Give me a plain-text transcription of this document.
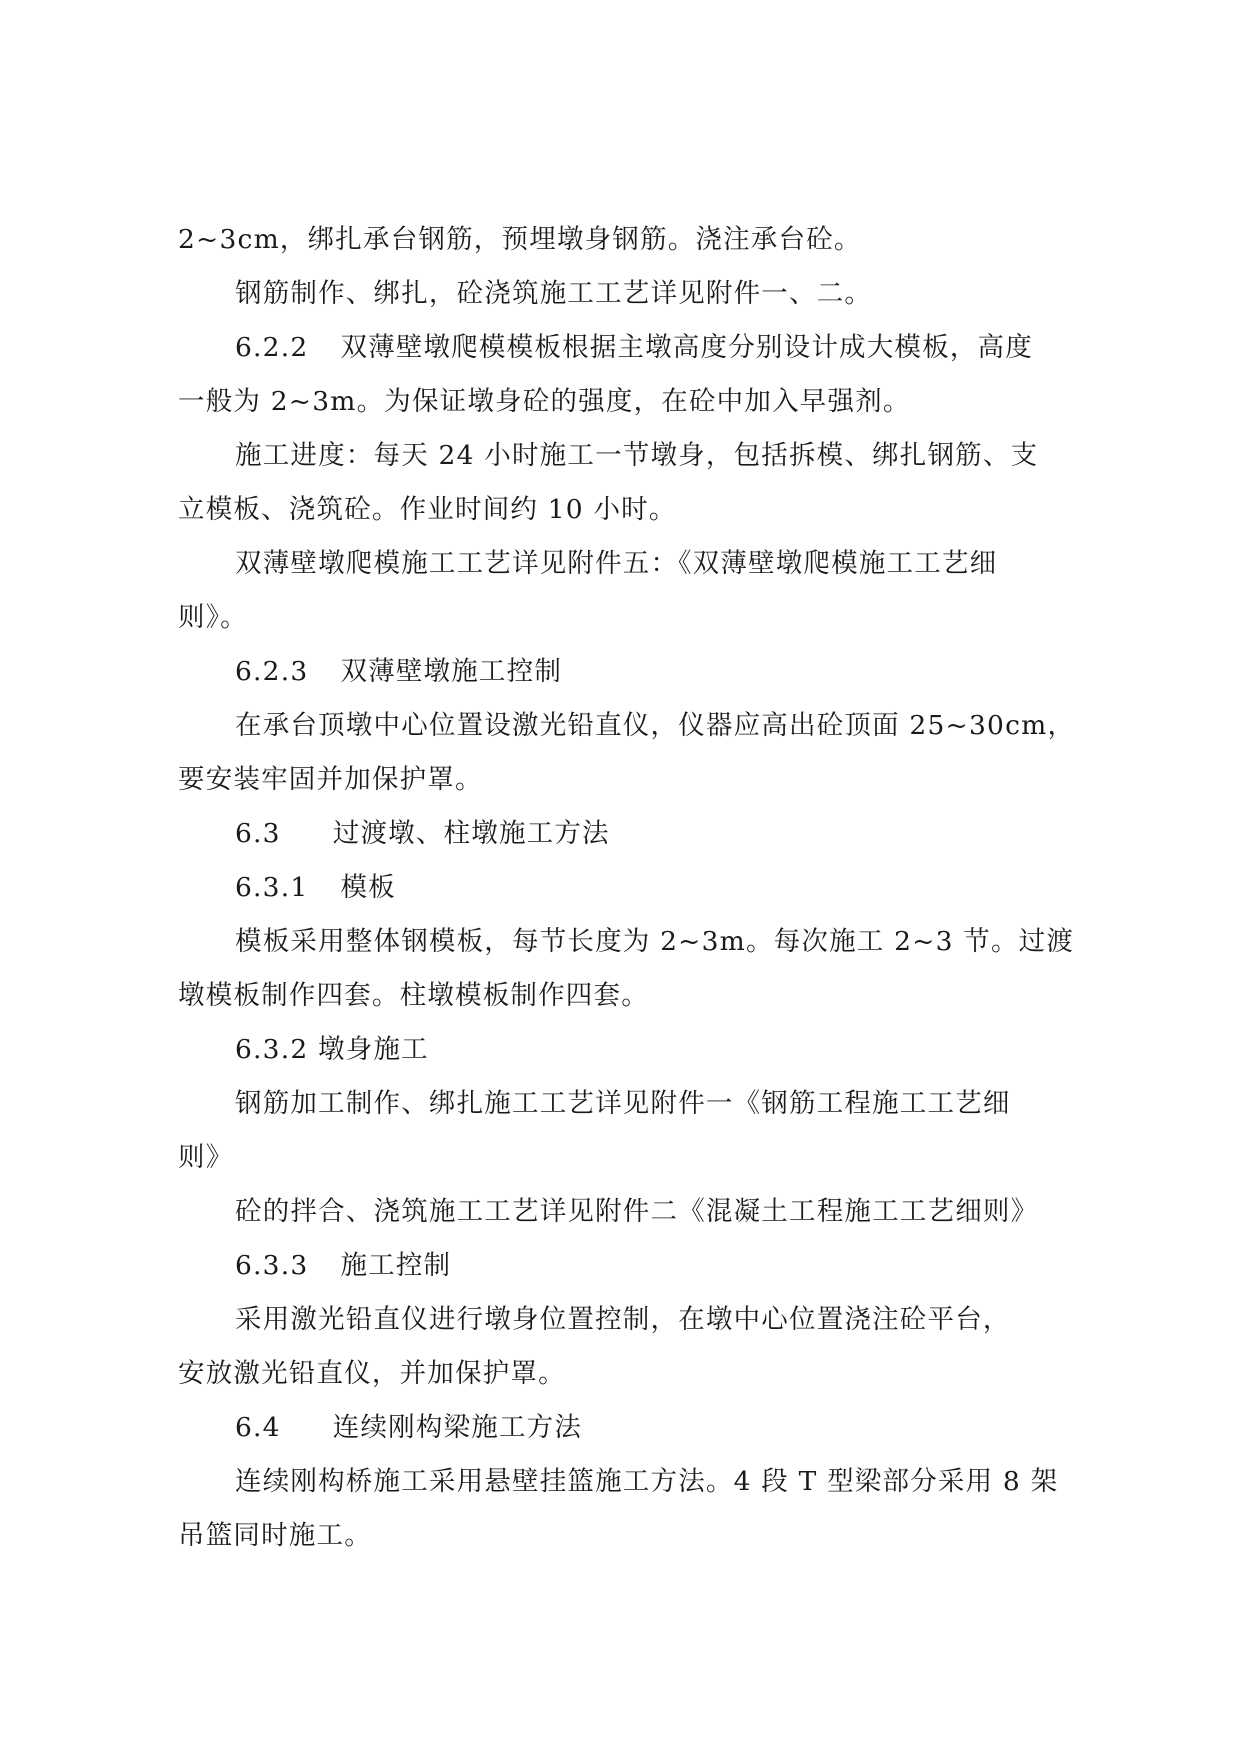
2~3cm，绑扎承台钢筋，预埋墩身钢筋。浇注承台砼。
钢筋制作、绑扎，砼浇筑施工工艺详见附件一、二。
6.2.2 双薄壁墩爬模模板根据主墩高度分别设计成大模板，高度
一般为 2~3m。为保证墩身砼的强度，在砼中加入早强剂。
施工进度：每天 24 小时施工一节墩身，包括拆模、绑扎钢筋、支
立模板、浇筑砼。作业时间约 10 小时。
双薄壁墩爬模施工工艺详见附件五：《双薄壁墩爬模施工工艺细
则》。
6.2.3 双薄壁墩施工控制
在承台顶墩中心位置设激光铅直仪，仪器应高出砼顶面 25~30cm，
要安装牢固并加保护罩。
6.3 过渡墩、柱墩施工方法
6.3.1 模板
模板采用整体钢模板，每节长度为 2~3m。每次施工 2~3 节。过渡
墩模板制作四套。柱墩模板制作四套。
6.3.2 墩身施工
钢筋加工制作、绑扎施工工艺详见附件一《钢筋工程施工工艺细
则》
砼的拌合、浇筑施工工艺详见附件二《混凝土工程施工工艺细则》
6.3.3 施工控制
采用激光铅直仪进行墩身位置控制，在墩中心位置浇注砼平台，
安放激光铅直仪，并加保护罩。
6.4 连续刚构梁施工方法
连续刚构桥施工采用悬壁挂篮施工方法。4 段 T 型梁部分采用 8 架
吊篮同时施工。
